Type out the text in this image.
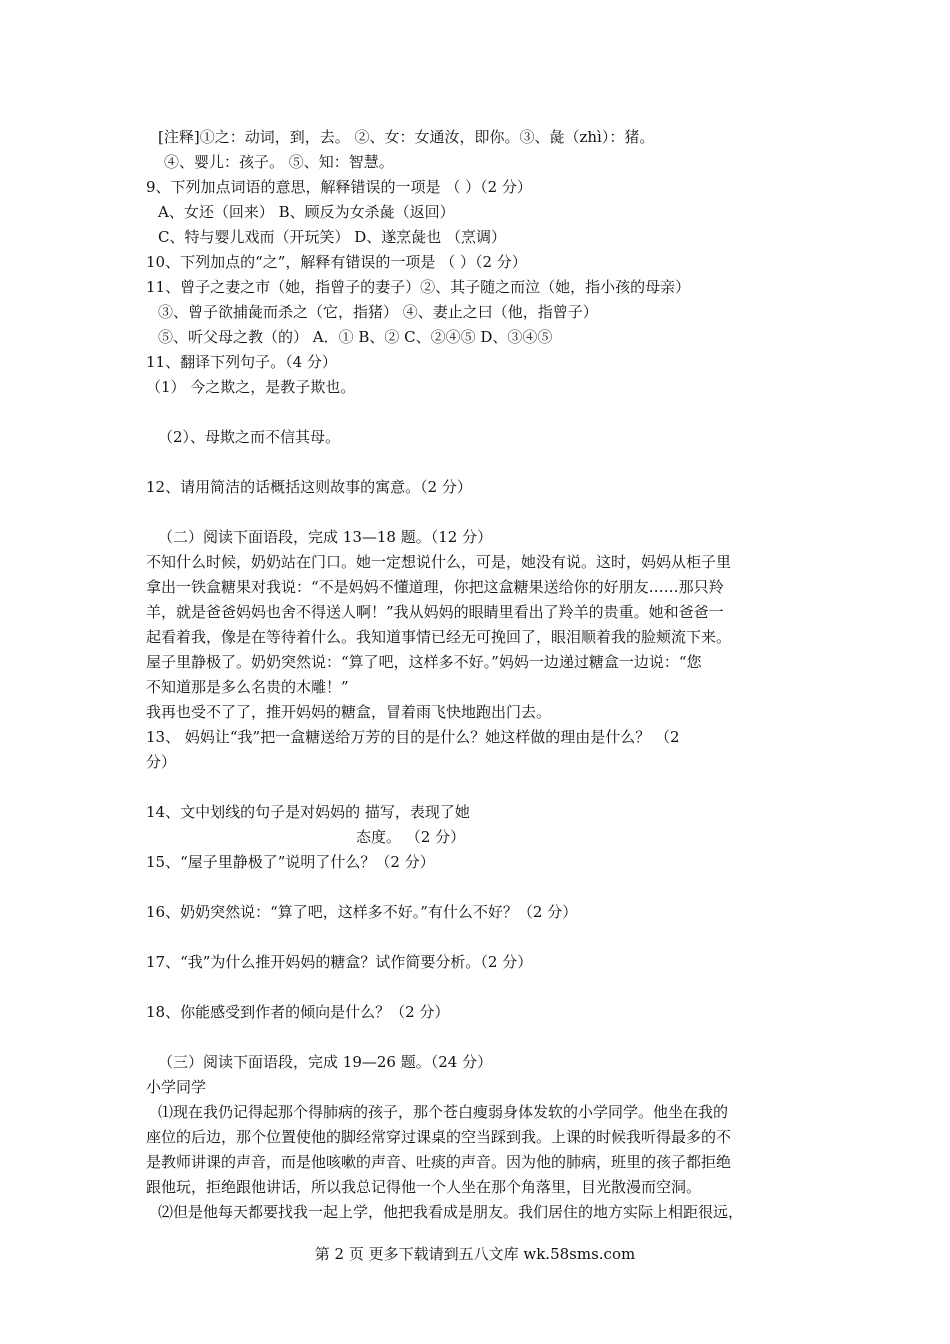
[注释]①之：动词，到，去。 ②、女：女通汝，即你。③、彘（zhì）：猪。
④、婴儿：孩子。 ⑤、知：智慧。
9、下列加点词语的意思，解释错误的一项是 （ ）（2 分）
A、女还（回来） B、顾反为女杀彘（返回）
C、特与婴儿戏而（开玩笑） D、遂烹彘也 （烹调）
10、下列加点的“之”，解释有错误的一项是 （ ）（2 分）
11、曾子之妻之市（她，指曾子的妻子）②、其子随之而泣（她，指小孩的母亲）
③、曾子欲捕彘而杀之（它，指猪） ④、妻止之曰（他，指曾子）
⑤、听父母之教（的） A．① B、② C、②④⑤ D、③④⑤
11、翻译下列句子。（4 分）
（1） 今之欺之，是教子欺也。
（2）、母欺之而不信其母。
12、请用简洁的话概括这则故事的寓意。（2 分）
（二）阅读下面语段，完成 13—18 题。（12 分）
不知什么时候，奶奶站在门口。她一定想说什么，可是，她没有说。这时，妈妈从柜子里
拿出一铁盒糖果对我说：“不是妈妈不懂道理，你把这盒糖果送给你的好朋友……那只羚
羊，就是爸爸妈妈也舍不得送人啊！”我从妈妈的眼睛里看出了羚羊的贵重。她和爸爸一
起看着我，像是在等待着什么。我知道事情已经无可挽回了，眼泪顺着我的脸颊流下来。
屋子里静极了。奶奶突然说：“算了吧，这样多不好。”妈妈一边递过糖盒一边说：“您
不知道那是多么名贵的木雕！”
我再也受不了了，推开妈妈的糖盒，冒着雨飞快地跑出门去。
13、 妈妈让“我”把一盒糖送给万芳的目的是什么？她这样做的理由是什么？ （2
分）
14、文中划线的句子是对妈妈的 描写，表现了她
态度。 （2 分）
15、“屋子里静极了”说明了什么？（2 分）
16、奶奶突然说：“算了吧，这样多不好。”有什么不好？（2 分）
17、“我”为什么推开妈妈的糖盒？试作简要分析。（2 分）
18、你能感受到作者的倾向是什么？（2 分）
（三）阅读下面语段，完成 19—26 题。（24 分）
小学同学
⑴现在我仍记得起那个得肺病的孩子，那个苍白瘦弱身体发软的小学同学。他坐在我的
座位的后边，那个位置使他的脚经常穿过课桌的空当踩到我。上课的时候我听得最多的不
是教师讲课的声音，而是他咳嗽的声音、吐痰的声音。因为他的肺病，班里的孩子都拒绝
跟他玩，拒绝跟他讲话，所以我总记得他一个人坐在那个角落里，目光散漫而空洞。
⑵但是他每天都要找我一起上学，他把我看成是朋友。我们居住的地方实际上相距很远，
第 2 页 更多下载请到五八文库 wk.58sms.com
